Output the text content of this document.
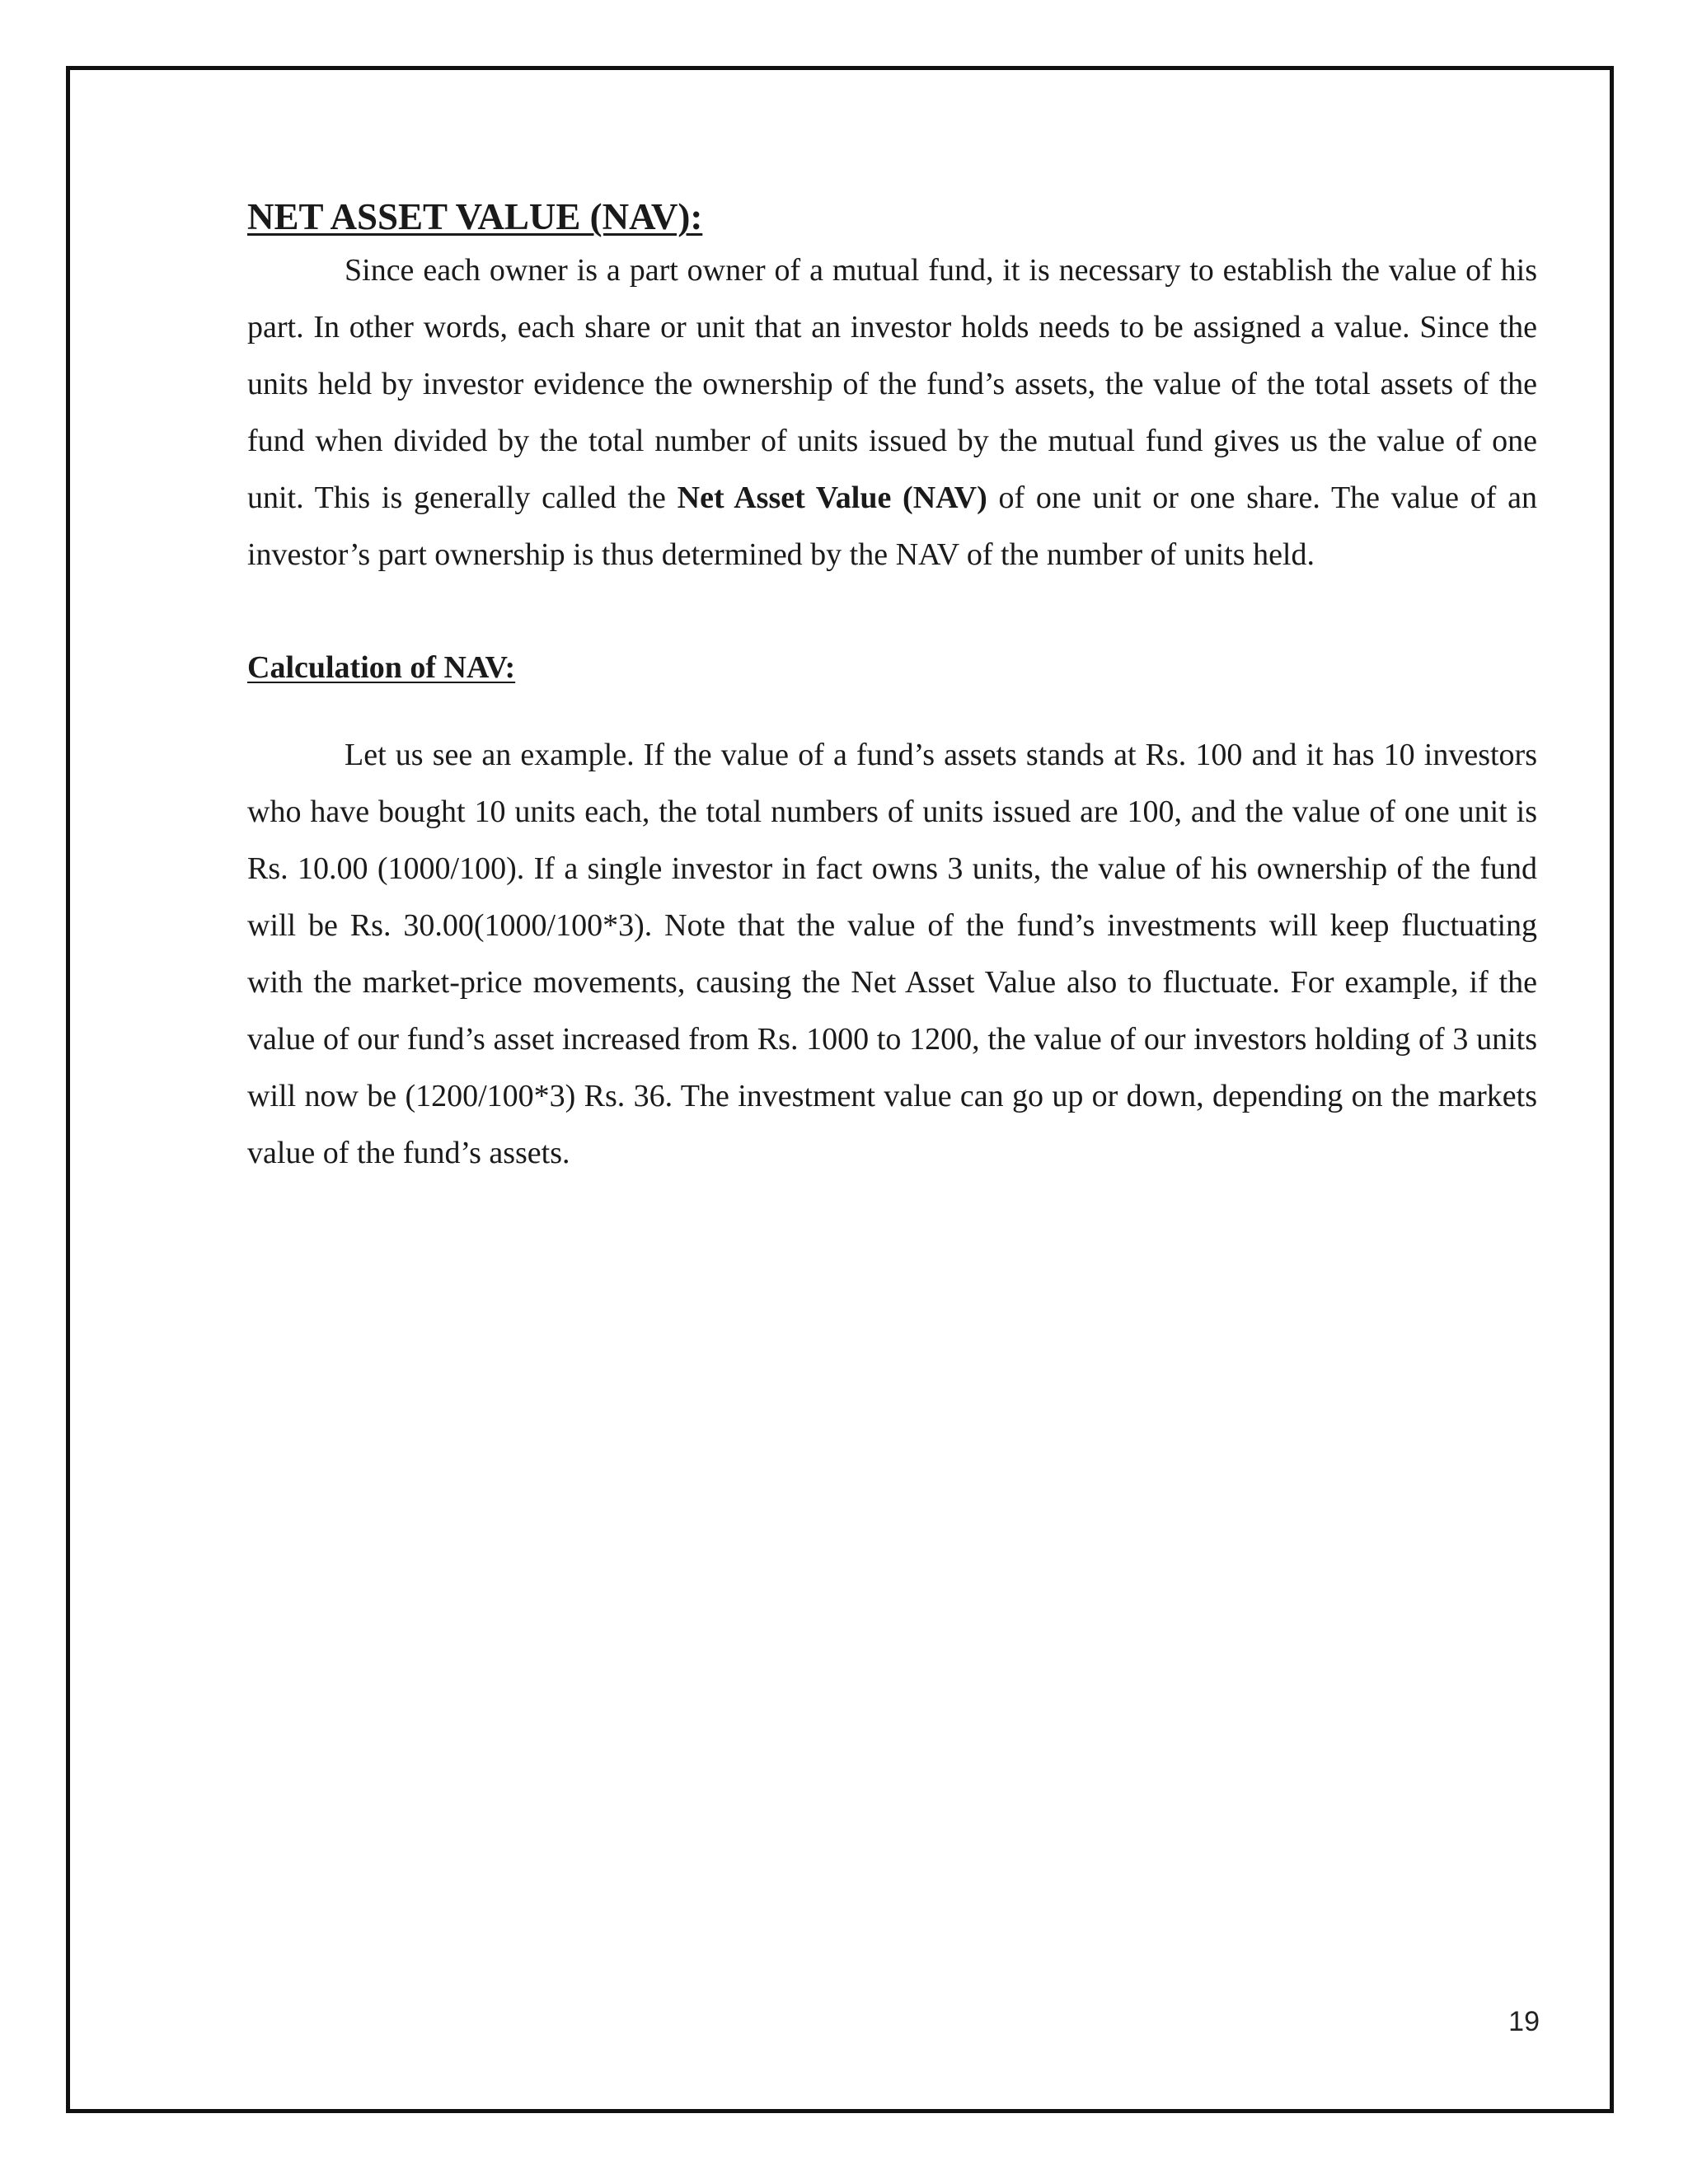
NET ASSET VALUE (NAV):

Since each owner is a part owner of a mutual fund, it is necessary to establish the value of his part. In other words, each share or unit that an investor holds needs to be assigned a value. Since the units held by investor evidence the ownership of the fund’s assets, the value of the total assets of the fund when divided by the total number of units issued by the mutual fund gives us the value of one unit. This is generally called the Net Asset Value (NAV) of one unit or one share. The value of an investor’s part ownership is thus determined by the NAV of the number of units held.

Calculation of NAV:

Let us see an example. If the value of a fund’s assets stands at Rs. 100 and it has 10 investors who have bought 10 units each, the total numbers of units issued are 100, and the value of one unit is Rs. 10.00 (1000/100). If a single investor in fact owns 3 units, the value of his ownership of the fund will be Rs. 30.00(1000/100*3). Note that the value of the fund’s investments will keep fluctuating with the market-price movements, causing the Net Asset Value also to fluctuate. For example, if the value of our fund’s asset increased from Rs. 1000 to 1200, the value of our investors holding of 3 units will now be (1200/100*3) Rs. 36. The investment value can go up or down, depending on the markets value of the fund’s assets.

19
